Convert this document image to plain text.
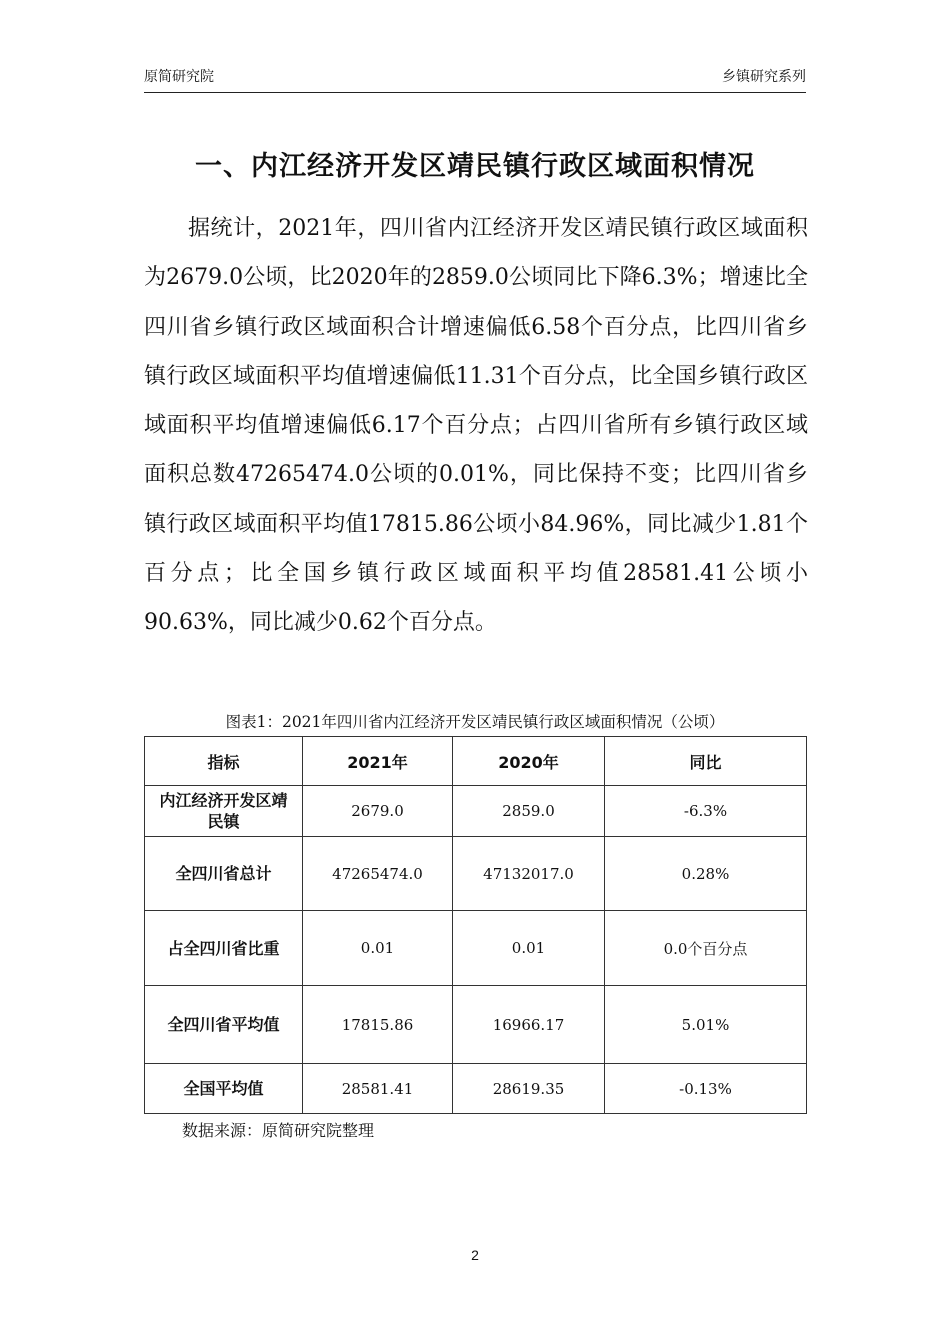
原简研究院	乡镇研究系列
一、内江经济开发区靖民镇行政区域面积情况

据统计，2021年，四川省内江经济开发区靖民镇行政区域面积为2679.0公顷，比2020年的2859.0公顷同比下降6.3%；增速比全四川省乡镇行政区域面积合计增速偏低6.58个百分点，比四川省乡镇行政区域面积平均值增速偏低11.31个百分点，比全国乡镇行政区域面积平均值增速偏低6.17个百分点；占四川省所有乡镇行政区域面积总数47265474.0公顷的0.01%，同比保持不变；比四川省乡镇行政区域面积平均值17815.86公顷小84.96%，同比减少1.81个百分点；比全国乡镇行政区域面积平均值28581.41公顷小90.63%，同比减少0.62个百分点。

图表1：2021年四川省内江经济开发区靖民镇行政区域面积情况（公顷）
指标	2021年	2020年	同比
内江经济开发区靖民镇	2679.0	2859.0	-6.3%
全四川省总计	47265474.0	47132017.0	0.28%
占全四川省比重	0.01	0.01	0.0个百分点
全四川省平均值	17815.86	16966.17	5.01%
全国平均值	28581.41	28619.35	-0.13%
数据来源：原简研究院整理
2
